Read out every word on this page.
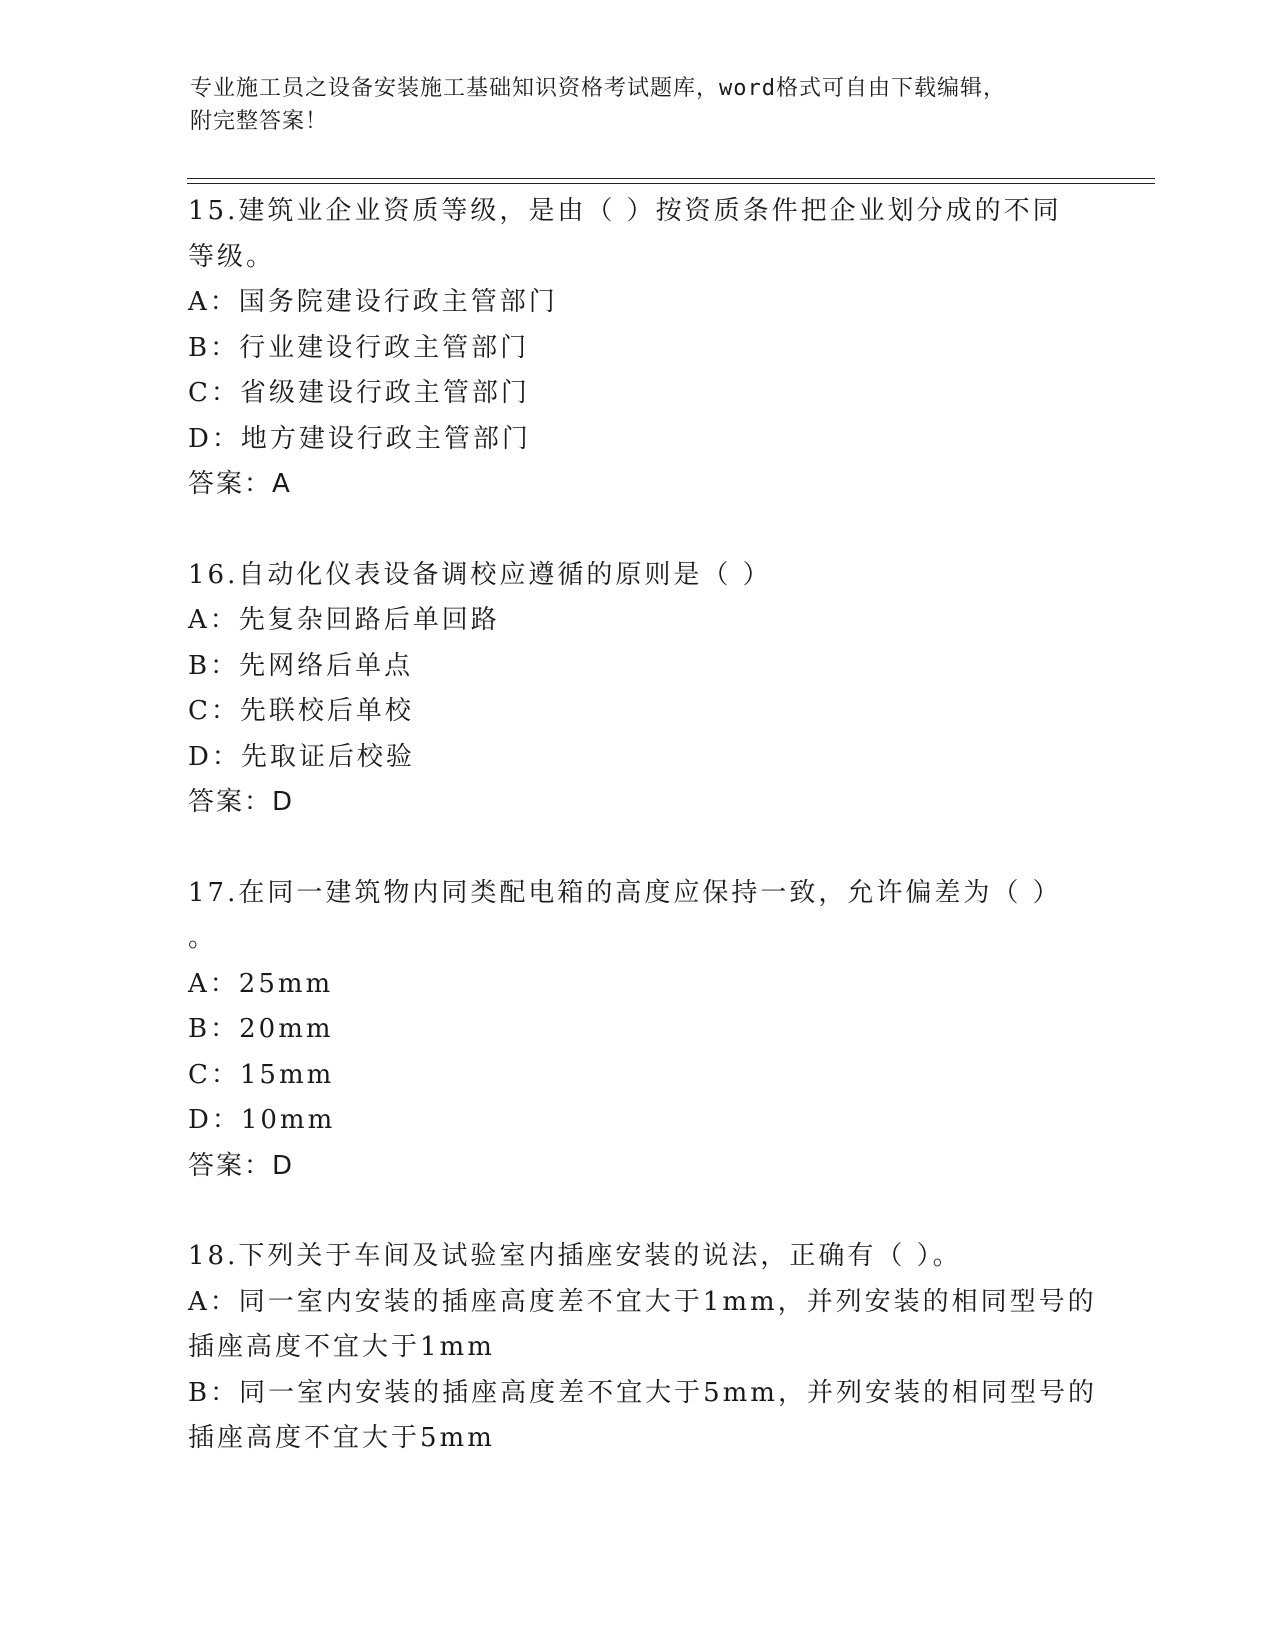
专业施工员之设备安装施工基础知识资格考试题库，word格式可自由下载编辑，
附完整答案！
15.建筑业企业资质等级，是由（ ）按资质条件把企业划分成的不同
等级。
A：国务院建设行政主管部门
B：行业建设行政主管部门
C：省级建设行政主管部门
D：地方建设行政主管部门
答案：A
16.自动化仪表设备调校应遵循的原则是（ ）
A：先复杂回路后单回路
B：先网络后单点
C：先联校后单校
D：先取证后校验
答案：D
17.在同一建筑物内同类配电箱的高度应保持一致，允许偏差为（ ）
。
A：25mm
B：20mm
C：15mm
D：10mm
答案：D
18.下列关于车间及试验室内插座安装的说法，正确有（ ）。
A：同一室内安装的插座高度差不宜大于1mm，并列安装的相同型号的
插座高度不宜大于1mm
B：同一室内安装的插座高度差不宜大于5mm，并列安装的相同型号的
插座高度不宜大于5mm
